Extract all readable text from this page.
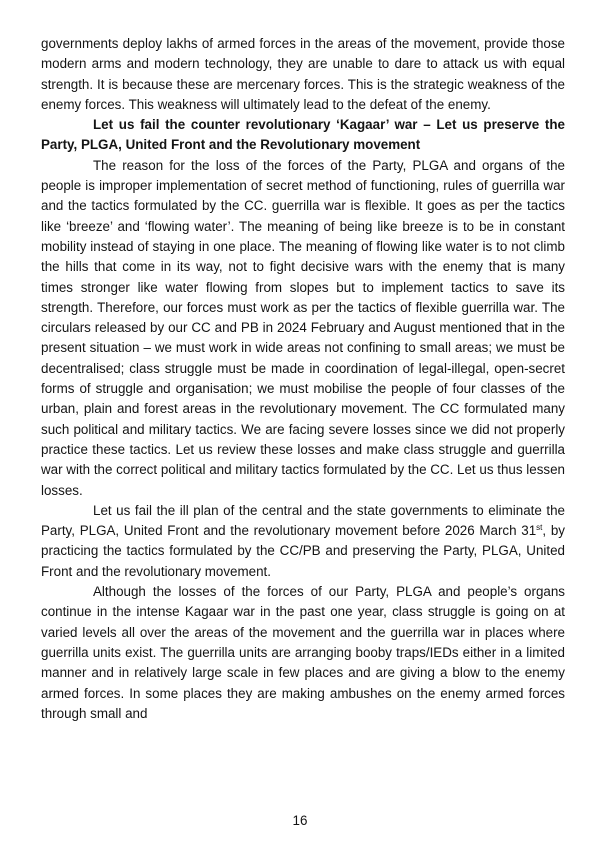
governments deploy lakhs of armed forces in the areas of the movement, provide those modern arms and modern technology, they are unable to dare to attack us with equal strength. It is because these are mercenary forces. This is the strategic weakness of the enemy forces. This weakness will ultimately lead to the defeat of the enemy.

Let us fail the counter revolutionary ‘Kagaar’ war – Let us preserve the Party, PLGA, United Front and the Revolutionary movement

The reason for the loss of the forces of the Party, PLGA and organs of the people is improper implementation of secret method of functioning, rules of guerrilla war and the tactics formulated by the CC. guerrilla war is flexible. It goes as per the tactics like ‘breeze’ and ‘flowing water’. The meaning of being like breeze is to be in constant mobility instead of staying in one place. The meaning of flowing like water is to not climb the hills that come in its way, not to fight decisive wars with the enemy that is many times stronger like water flowing from slopes but to implement tactics to save its strength. Therefore, our forces must work as per the tactics of flexible guerrilla war. The circulars released by our CC and PB in 2024 February and August mentioned that in the present situation – we must work in wide areas not confining to small areas; we must be decentralised; class struggle must be made in coordination of legal-illegal, open-secret forms of struggle and organisation; we must mobilise the people of four classes of the urban, plain and forest areas in the revolutionary movement. The CC formulated many such political and military tactics. We are facing severe losses since we did not properly practice these tactics. Let us review these losses and make class struggle and guerrilla war with the correct political and military tactics formulated by the CC. Let us thus lessen losses.

Let us fail the ill plan of the central and the state governments to eliminate the Party, PLGA, United Front and the revolutionary movement before 2026 March 31st, by practicing the tactics formulated by the CC/PB and preserving the Party, PLGA, United Front and the revolutionary movement.

Although the losses of the forces of our Party, PLGA and people’s organs continue in the intense Kagaar war in the past one year, class struggle is going on at varied levels all over the areas of the movement and the guerrilla war in places where guerrilla units exist. The guerrilla units are arranging booby traps/IEDs either in a limited manner and in relatively large scale in few places and are giving a blow to the enemy armed forces. In some places they are making ambushes on the enemy armed forces through small and

16
